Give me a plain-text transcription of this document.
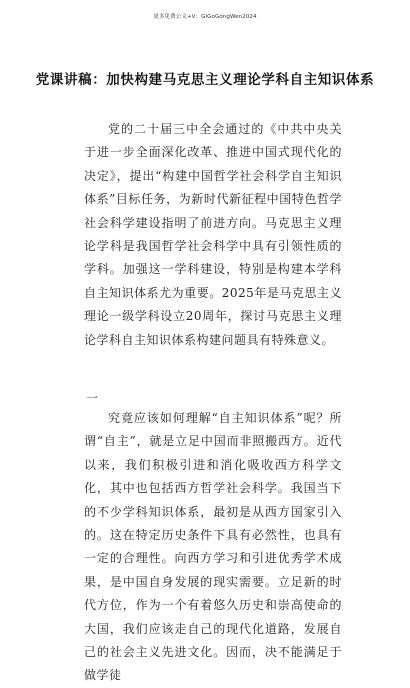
更多免费公文+V：GiGoGongWen2024
党课讲稿：加快构建马克思主义理论学科自主知识体系

党的二十届三中全会通过的《中共中央关于进一步全面深化改革、推进中国式现代化的决定》，提出“构建中国哲学社会科学自主知识体系”目标任务，为新时代新征程中国特色哲学社会科学建设指明了前进方向。马克思主义理论学科是我国哲学社会科学中具有引领性质的学科。加强这一学科建设，特别是构建本学科自主知识体系尤为重要。2025年是马克思主义理论一级学科设立20周年，探讨马克思主义理论学科自主知识体系构建问题具有特殊意义。

一

究竟应该如何理解“自主知识体系”呢？所谓“自主”，就是立足中国而非照搬西方。近代以来，我们积极引进和消化吸收西方科学文化，其中也包括西方哲学社会科学。我国当下的不少学科知识体系，最初是从西方国家引入的。这在特定历史条件下具有必然性，也具有一定的合理性。向西方学习和引进优秀学术成果，是中国自身发展的现实需要。立足新的时代方位，作为一个有着悠久历史和崇高使命的大国，我们应该走自己的现代化道路，发展自己的社会主义先进文化。因而，决不能满足于做学徒
